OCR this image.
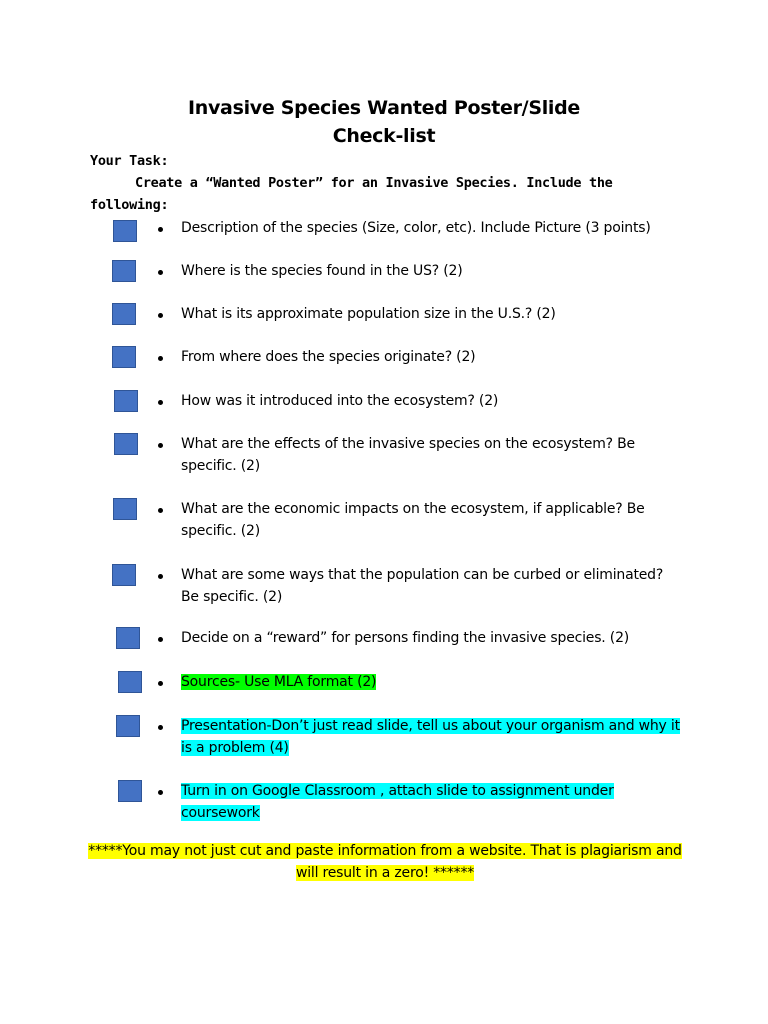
Invasive Species Wanted Poster/Slide
Check-list
Your Task:
Create a “Wanted Poster” for an Invasive Species. Include the
following:
Description of the species (Size, color, etc). Include Picture (3 points)
Where is the species found in the US? (2)
What is its approximate population size in the U.S.? (2)
From where does the species originate? (2)
How was it introduced into the ecosystem? (2)
What are the effects of the invasive species on the ecosystem? Be specific. (2)
What are the economic impacts on the ecosystem, if applicable? Be specific. (2)
What are some ways that the population can be curbed or eliminated? Be specific. (2)
Decide on a “reward” for persons finding the invasive species. (2)
Sources- Use MLA format (2)
Presentation-Don’t just read slide, tell us about your organism and why it is a problem (4)
Turn in on Google Classroom , attach slide to assignment under coursework
*****You may not just cut and paste information from a website. That is plagiarism and will result in a zero! ******
